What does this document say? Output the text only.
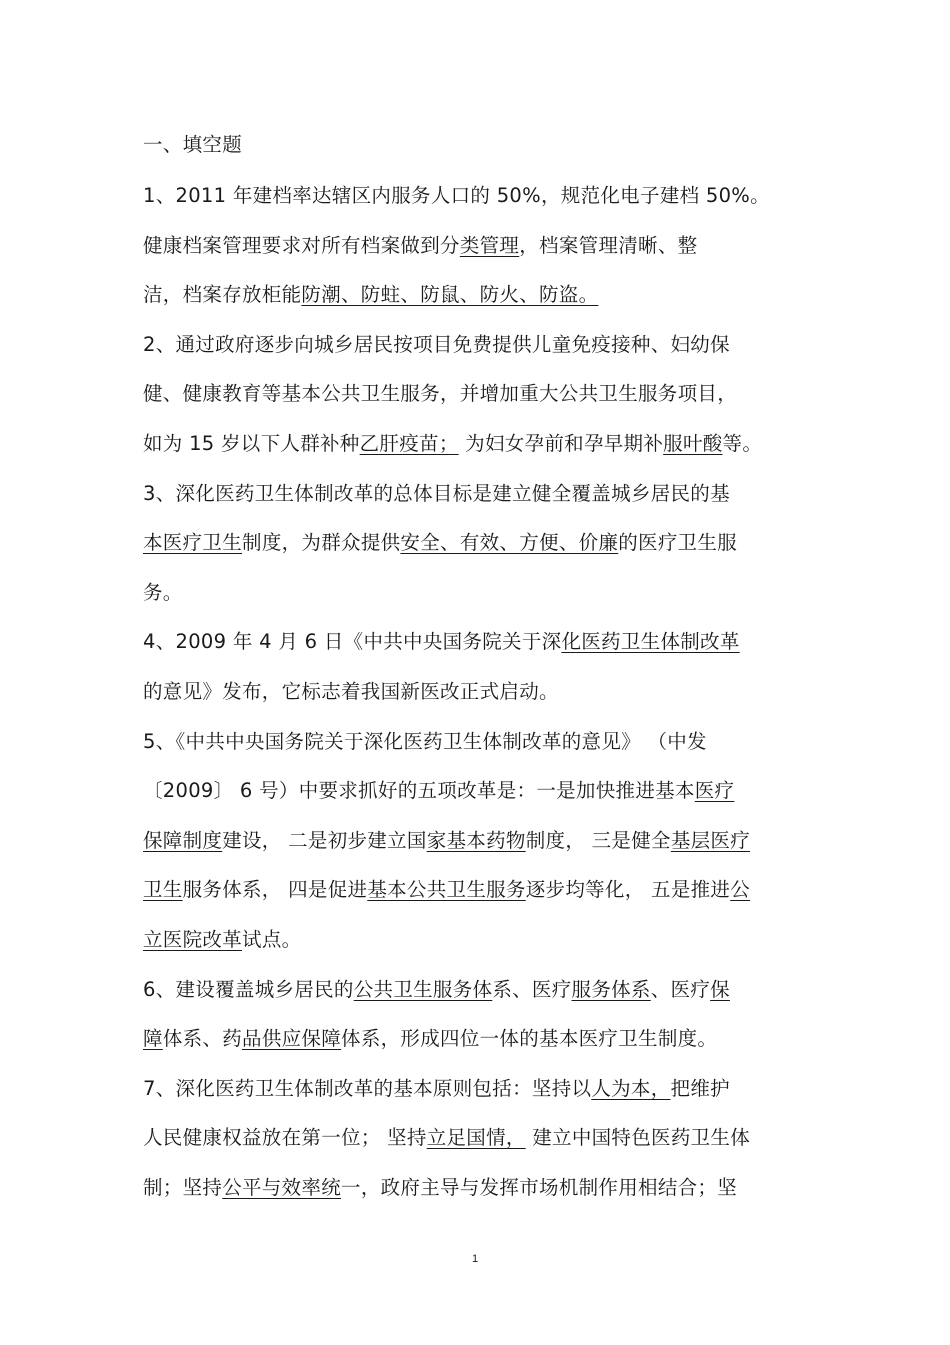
一、填空题
1、2011 年建档率达辖区内服务人口的 50%，规范化电子建档 50%。
健康档案管理要求对所有档案做到分类管理，档案管理清晰、整
洁，档案存放柜能防潮、防蛀、防鼠、防火、防盗。
2、通过政府逐步向城乡居民按项目免费提供儿童免疫接种、妇幼保
健、健康教育等基本公共卫生服务，并增加重大公共卫生服务项目，
如为 15 岁以下人群补种乙肝疫苗； 为妇女孕前和孕早期补服叶酸等。
3、深化医药卫生体制改革的总体目标是建立健全覆盖城乡居民的基
本医疗卫生制度，为群众提供安全、有效、方便、价廉的医疗卫生服
务。
4、2009 年 4 月 6 日《中共中央国务院关于深化医药卫生体制改革
的意见》发布，它标志着我国新医改正式启动。
5、《中共中央国务院关于深化医药卫生体制改革的意见》 （中发
〔2009〕 6 号）中要求抓好的五项改革是：一是加快推进基本医疗
保障制度建设， 二是初步建立国家基本药物制度， 三是健全基层医疗
卫生服务体系， 四是促进基本公共卫生服务逐步均等化， 五是推进公
立医院改革试点。
6、建设覆盖城乡居民的公共卫生服务体系、医疗服务体系、医疗保
障体系、药品供应保障体系，形成四位一体的基本医疗卫生制度。
7、深化医药卫生体制改革的基本原则包括：坚持以人为本，把维护
人民健康权益放在第一位； 坚持立足国情， 建立中国特色医药卫生体
制；坚持公平与效率统一，政府主导与发挥市场机制作用相结合；坚
1
